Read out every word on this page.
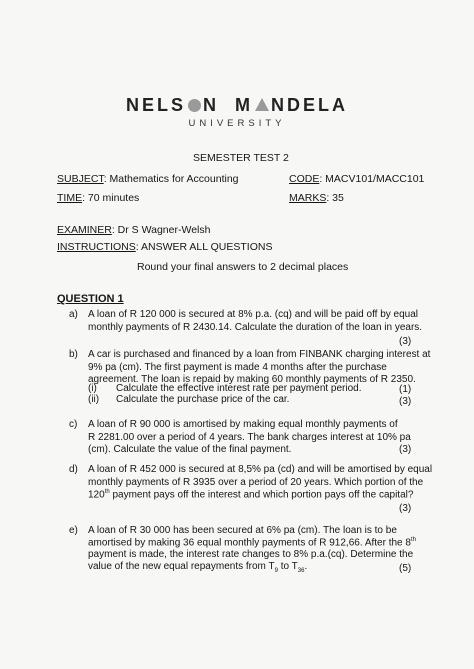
NELS N M NDELA
UNIVERSITY
SEMESTER TEST 2
SUBJECT: Mathematics for Accounting	CODE: MACV101/MACC101
TIME: 70 minutes	MARKS: 35
EXAMINER: Dr S Wagner-Welsh
INSTRUCTIONS: ANSWER ALL QUESTIONS
Round your final answers to 2 decimal places
QUESTION 1
a) A loan of R 120 000 is secured at 8% p.a. (cq) and will be paid off by equal
monthly payments of R 2430.14. Calculate the duration of the loan in years.
(3)
b) A car is purchased and financed by a loan from FINBANK charging interest at
9% pa (cm). The first payment is made 4 months after the purchase
agreement. The loan is repaid by making 60 monthly payments of R 2350.
(i) Calculate the effective interest rate per payment period.	(1)
(ii) Calculate the purchase price of the car.	(3)
c) A loan of R 90 000 is amortised by making equal monthly payments of
R 2281.00 over a period of 4 years. The bank charges interest at 10% pa
(cm). Calculate the value of the final payment.	(3)
d) A loan of R 452 000 is secured at 8,5% pa (cd) and will be amortised by equal
monthly payments of R 3935 over a period of 20 years. Which portion of the
120th payment pays off the interest and which portion pays off the capital?
(3)
e) A loan of R 30 000 has been secured at 6% pa (cm). The loan is to be
amortised by making 36 equal monthly payments of R 912,66. After the 8th
payment is made, the interest rate changes to 8% p.a.(cq). Determine the
value of the new equal repayments from $T_9$ to $T_{36}$.	(5)
